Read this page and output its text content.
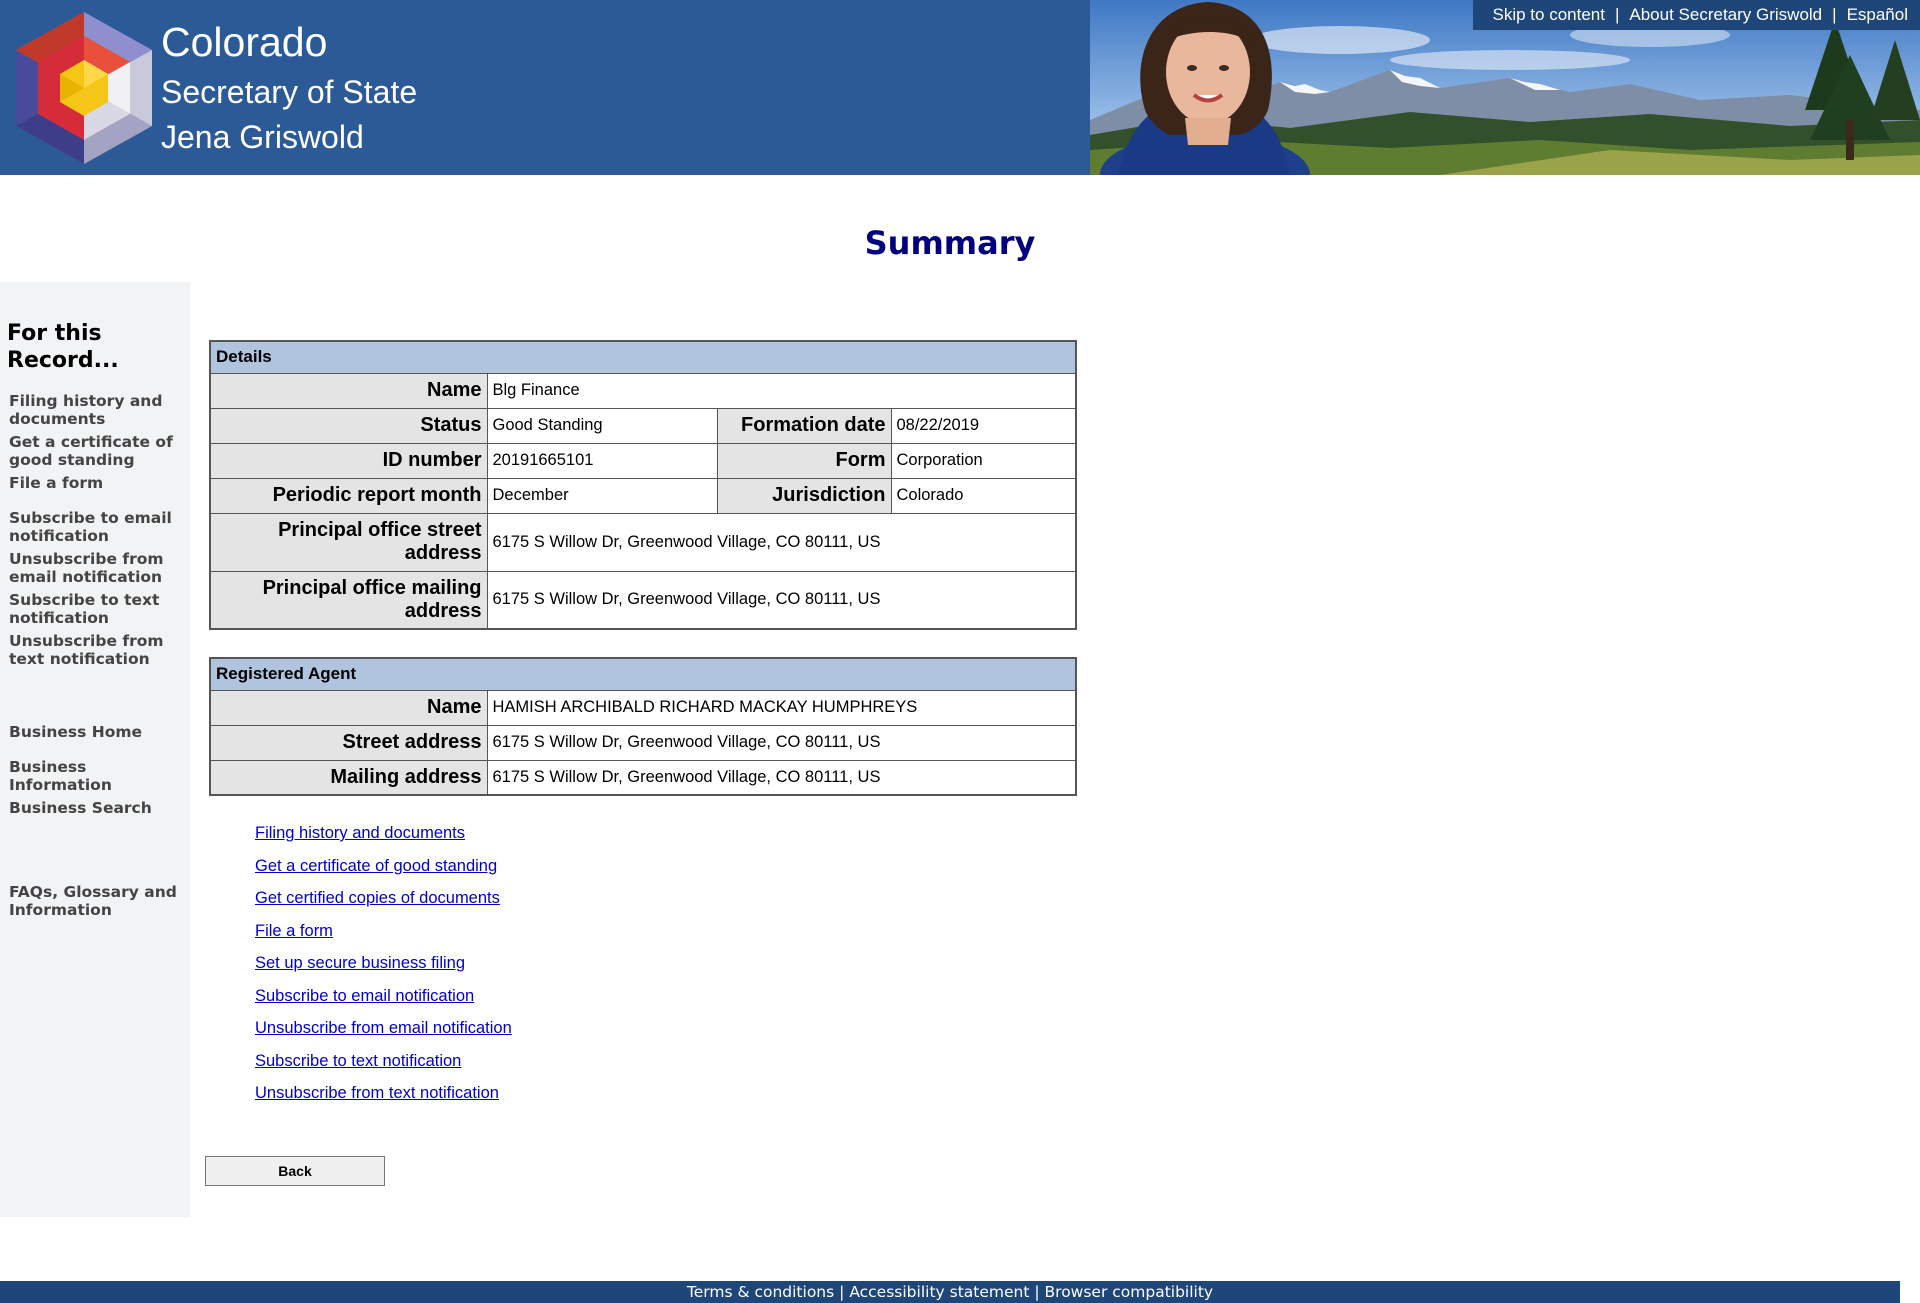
Colorado
Secretary of State
Jena Griswold
Skip to content | About Secretary Griswold | Español
Summary
For this Record...
Filing history and documents
Get a certificate of good standing
File a form
Subscribe to email notification
Unsubscribe from email notification
Subscribe to text notification
Unsubscribe from text notification
Business Home
Business Information
Business Search
FAQs, Glossary and Information
Details			
Name	Blg Finance		
Status	Good Standing	Formation date	08/22/2019
ID number	20191665101	Form	Corporation
Periodic report month	December	Jurisdiction	Colorado
Principal office street address	6175 S Willow Dr, Greenwood Village, CO 80111, US		
Principal office mailing address	6175 S Willow Dr, Greenwood Village, CO 80111, US		
Registered Agent	
Name	HAMISH ARCHIBALD RICHARD MACKAY HUMPHREYS
Street address	6175 S Willow Dr, Greenwood Village, CO 80111, US
Mailing address	6175 S Willow Dr, Greenwood Village, CO 80111, US
Filing history and documents
Get a certificate of good standing
Get certified copies of documents
File a form
Set up secure business filing
Subscribe to email notification
Unsubscribe from email notification
Subscribe to text notification
Unsubscribe from text notification
Back
Terms & conditions | Accessibility statement | Browser compatibility
